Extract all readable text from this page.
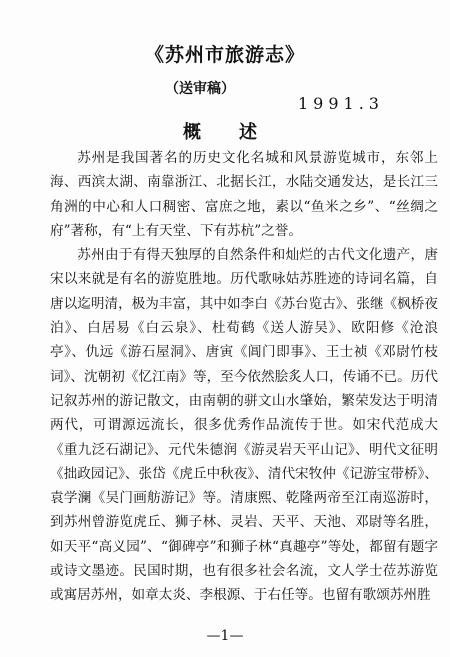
《苏州市旅游志》
（送审稿）
1991.3
概　述

苏州是我国著名的历史文化名城和风景游览城市，东邻上海、西滨太湖、南靠浙江、北据长江，水陆交通发达，是长江三角洲的中心和人口稠密、富庶之地，素以“鱼米之乡”、“丝绸之府”著称，有“上有天堂、下有苏杭”之誉。

苏州由于有得天独厚的自然条件和灿烂的古代文化遗产，唐宋以来就是有名的游览胜地。历代歌咏姑苏胜迹的诗词名篇，自唐以迄明清，极为丰富，其中如李白《苏台览古》、张继《枫桥夜泊》、白居易《白云泉》、杜荀鹤《送人游吴》、欧阳修《沧浪亭》、仇远《游石屋洞》、唐寅《阊门即事》、王士祯《邓尉竹枝词》、沈朝初《忆江南》等，至今依然脍炙人口，传诵不已。历代记叙苏州的游记散文，由南朝的骈文山水肇始，繁荣发达于明清两代，可谓源远流长，很多优秀作品流传于世。如宋代范成大《重九泛石湖记》、元代朱德润《游灵岩天平山记》、明代文征明《拙政园记》、张岱《虎丘中秋夜》、清代宋牧仲《记游宝带桥》、袁学澜《吴门画舫游记》等。清康熙、乾隆两帝至江南巡游时，到苏州曾游览虎丘、狮子林、灵岩、天平、天池、邓尉等名胜，如天平“高义园”、“御碑亭”和狮子林“真趣亭”等处，都留有题字或诗文墨迹。民国时期，也有很多社会名流，文人学士莅苏游览或寓居苏州，如章太炎、李根源、于右任等。也留有歌颂苏州胜

—1—
